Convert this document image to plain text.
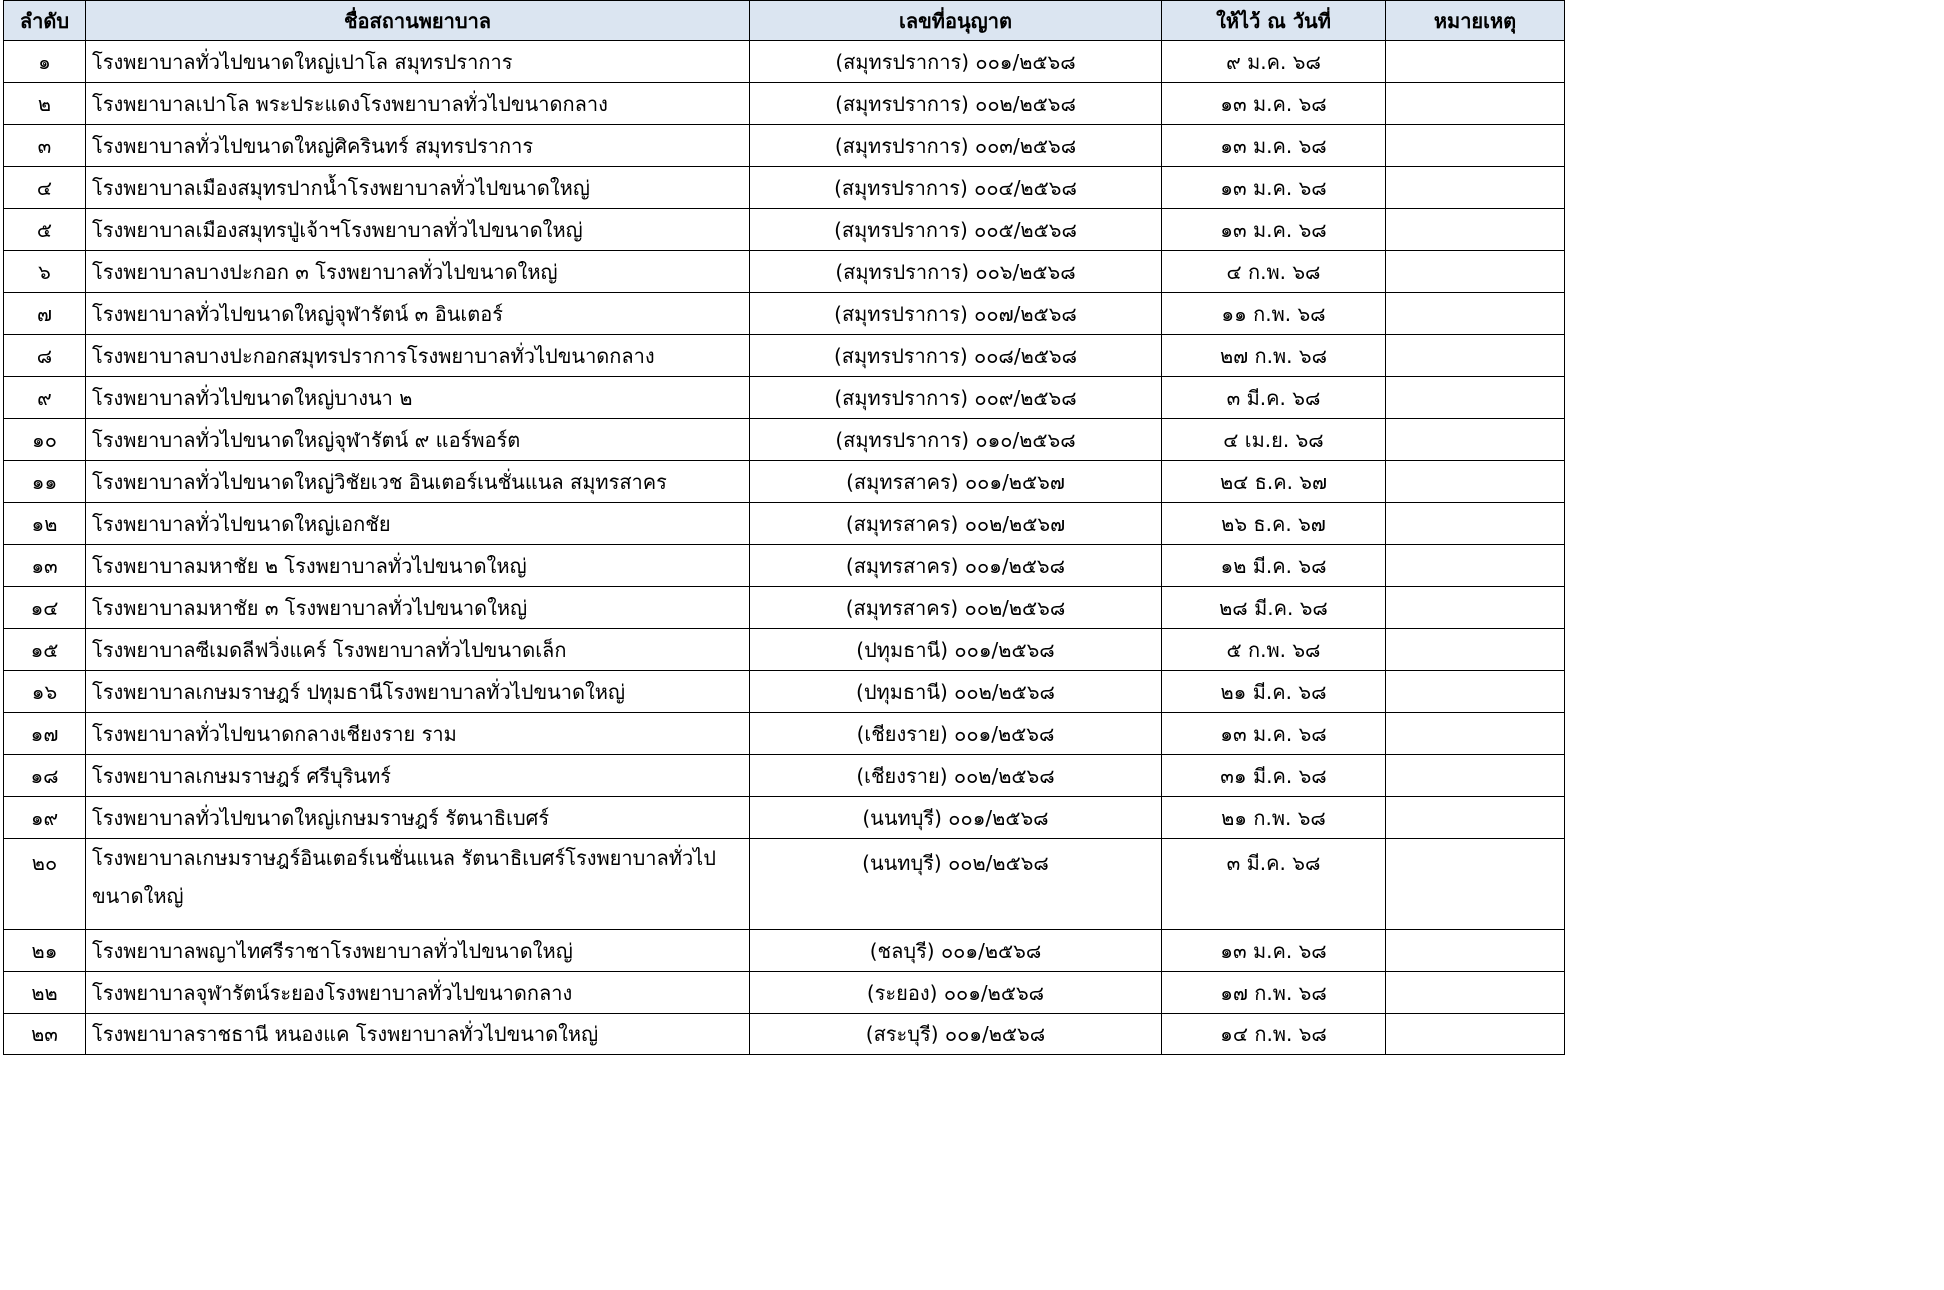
ลำดับ	ชื่อสถานพยาบาล	เลขที่อนุญาต	ให้ไว้ ณ วันที่	หมายเหตุ
๑	โรงพยาบาลทั่วไปขนาดใหญ่เปาโล สมุทรปราการ	(สมุทรปราการ) ๐๐๑/๒๕๖๘	๙ ม.ค. ๖๘	
๒	โรงพยาบาลเปาโล พระประแดงโรงพยาบาลทั่วไปขนาดกลาง	(สมุทรปราการ) ๐๐๒/๒๕๖๘	๑๓ ม.ค. ๖๘	
๓	โรงพยาบาลทั่วไปขนาดใหญ่ศิครินทร์ สมุทรปราการ	(สมุทรปราการ) ๐๐๓/๒๕๖๘	๑๓ ม.ค. ๖๘	
๔	โรงพยาบาลเมืองสมุทรปากน้ำโรงพยาบาลทั่วไปขนาดใหญ่	(สมุทรปราการ) ๐๐๔/๒๕๖๘	๑๓ ม.ค. ๖๘	
๕	โรงพยาบาลเมืองสมุทรปู่เจ้าฯโรงพยาบาลทั่วไปขนาดใหญ่	(สมุทรปราการ) ๐๐๕/๒๕๖๘	๑๓ ม.ค. ๖๘	
๖	โรงพยาบาลบางปะกอก ๓ โรงพยาบาลทั่วไปขนาดใหญ่	(สมุทรปราการ) ๐๐๖/๒๕๖๘	๔ ก.พ. ๖๘	
๗	โรงพยาบาลทั่วไปขนาดใหญ่จุฬารัตน์ ๓ อินเตอร์	(สมุทรปราการ) ๐๐๗/๒๕๖๘	๑๑ ก.พ. ๖๘	
๘	โรงพยาบาลบางปะกอกสมุทรปราการโรงพยาบาลทั่วไปขนาดกลาง	(สมุทรปราการ) ๐๐๘/๒๕๖๘	๒๗ ก.พ. ๖๘	
๙	โรงพยาบาลทั่วไปขนาดใหญ่บางนา ๒	(สมุทรปราการ) ๐๐๙/๒๕๖๘	๓ มี.ค. ๖๘	
๑๐	โรงพยาบาลทั่วไปขนาดใหญ่จุฬารัตน์ ๙ แอร์พอร์ต	(สมุทรปราการ) ๐๑๐/๒๕๖๘	๔ เม.ย. ๖๘	
๑๑	โรงพยาบาลทั่วไปขนาดใหญ่วิชัยเวช อินเตอร์เนชั่นแนล สมุทรสาคร	(สมุทรสาคร) ๐๐๑/๒๕๖๗	๒๔ ธ.ค. ๖๗	
๑๒	โรงพยาบาลทั่วไปขนาดใหญ่เอกชัย	(สมุทรสาคร) ๐๐๒/๒๕๖๗	๒๖ ธ.ค. ๖๗	
๑๓	โรงพยาบาลมหาชัย ๒ โรงพยาบาลทั่วไปขนาดใหญ่	(สมุทรสาคร) ๐๐๑/๒๕๖๘	๑๒ มี.ค. ๖๘	
๑๔	โรงพยาบาลมหาชัย ๓ โรงพยาบาลทั่วไปขนาดใหญ่	(สมุทรสาคร) ๐๐๒/๒๕๖๘	๒๘ มี.ค. ๖๘	
๑๕	โรงพยาบาลซีเมดลีฟวิ่งแคร์ โรงพยาบาลทั่วไปขนาดเล็ก	(ปทุมธานี) ๐๐๑/๒๕๖๘	๕ ก.พ. ๖๘	
๑๖	โรงพยาบาลเกษมราษฎร์ ปทุมธานีโรงพยาบาลทั่วไปขนาดใหญ่	(ปทุมธานี) ๐๐๒/๒๕๖๘	๒๑ มี.ค. ๖๘	
๑๗	โรงพยาบาลทั่วไปขนาดกลางเชียงราย ราม	(เชียงราย) ๐๐๑/๒๕๖๘	๑๓ ม.ค. ๖๘	
๑๘	โรงพยาบาลเกษมราษฎร์ ศรีบุรินทร์	(เชียงราย) ๐๐๒/๒๕๖๘	๓๑ มี.ค. ๖๘	
๑๙	โรงพยาบาลทั่วไปขนาดใหญ่เกษมราษฎร์ รัตนาธิเบศร์	(นนทบุรี) ๐๐๑/๒๕๖๘	๒๑ ก.พ. ๖๘	
๒๐	โรงพยาบาลเกษมราษฎร์อินเตอร์เนชั่นแนล รัตนาธิเบศร์โรงพยาบาลทั่วไปขนาดใหญ่	(นนทบุรี) ๐๐๒/๒๕๖๘	๓ มี.ค. ๖๘	
๒๑	โรงพยาบาลพญาไทศรีราชาโรงพยาบาลทั่วไปขนาดใหญ่	(ชลบุรี) ๐๐๑/๒๕๖๘	๑๓ ม.ค. ๖๘	
๒๒	โรงพยาบาลจุฬารัตน์ระยองโรงพยาบาลทั่วไปขนาดกลาง	(ระยอง) ๐๐๑/๒๕๖๘	๑๗ ก.พ. ๖๘	
๒๓	โรงพยาบาลราชธานี หนองแค โรงพยาบาลทั่วไปขนาดใหญ่	(สระบุรี) ๐๐๑/๒๕๖๘	๑๔ ก.พ. ๖๘	
